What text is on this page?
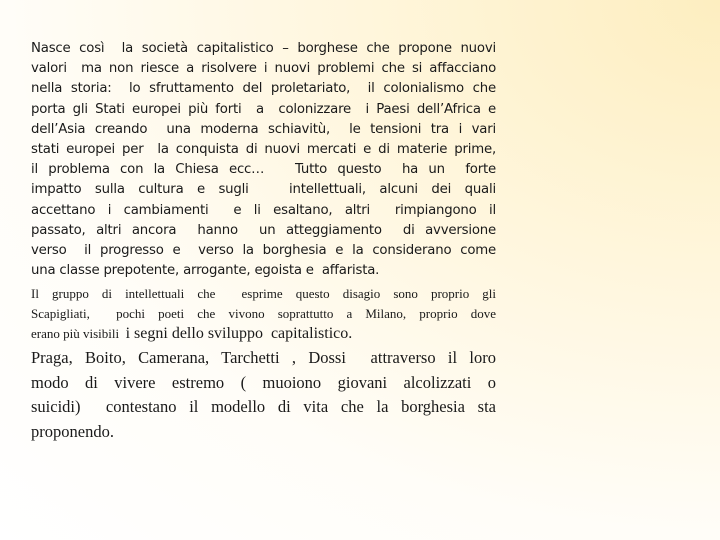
Nasce così  la società capitalistico – borghese che propone nuovi
valori  ma non riesce a risolvere i nuovi problemi che si affacciano
nella storia:  lo sfruttamento del proletariato,  il colonialismo che
porta gli Stati europei più forti  a  colonizzare  i Paesi dell’Africa e
dell’Asia creando  una moderna schiavitù,  le tensioni tra i vari
stati europei per  la conquista di nuovi mercati e di materie prime,
il problema con la Chiesa ecc…   Tutto questo  ha un  forte
impatto sulla cultura e sugli   intellettuali, alcuni dei quali
accettano i cambiamenti  e li esaltano, altri  rimpiangono il
passato, altri ancora  hanno  un atteggiamento  di avversione
verso  il progresso e  verso la borghesia e la considerano come
una classe prepotente, arrogante, egoista e  affarista.
Il gruppo di intellettuali che  esprime questo disagio sono proprio gli
Scapigliati,  pochi poeti che vivono soprattutto a Milano, proprio dove
erano più visibili  i segni dello sviluppo  capitalistico.
Praga, Boito, Camerana, Tarchetti , Dossi  attraverso il loro
modo di vivere estremo ( muoiono giovani alcolizzati o
suicidi)  contestano il modello di vita che la borghesia sta
proponendo.
